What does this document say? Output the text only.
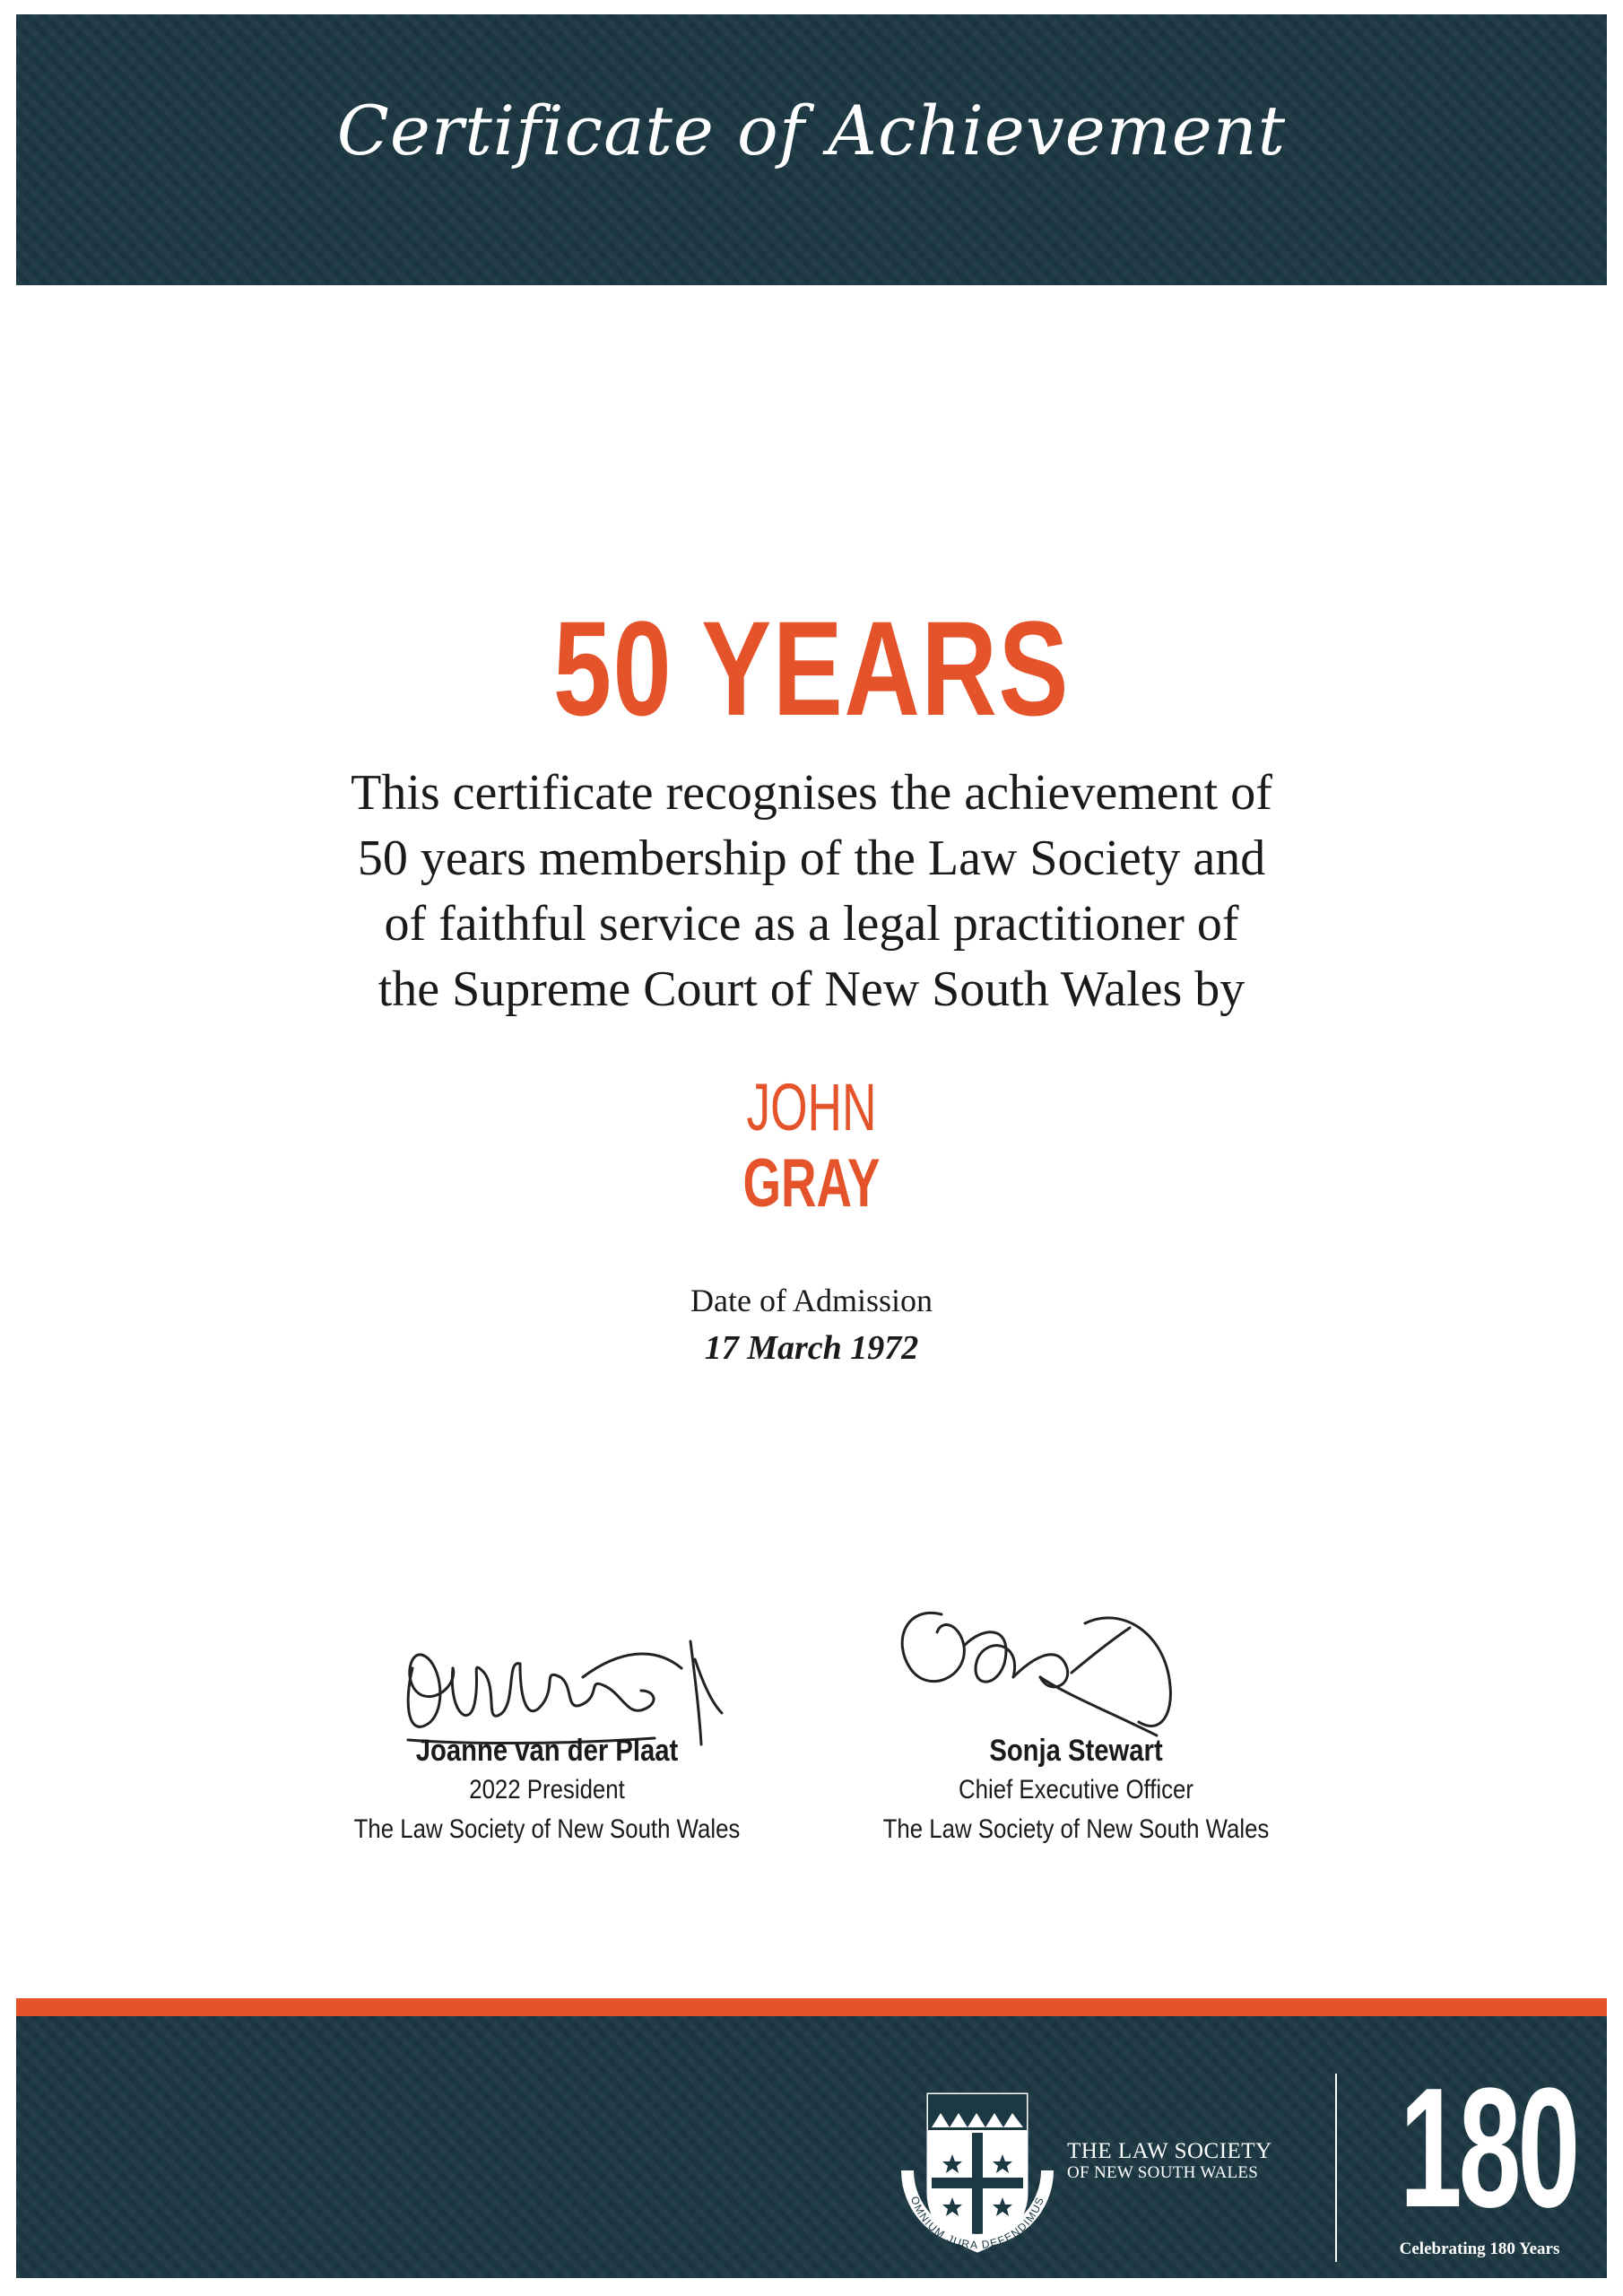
Certificate of Achievement
50 YEARS
This certificate recognises the achievement of
50 years membership of the Law Society and
of faithful service as a legal practitioner of
the Supreme Court of New South Wales by
JOHN
GRAY
Date of Admission
17 March 1972
Joanne van der Plaat
2022 President
The Law Society of New South Wales
Sonja Stewart
Chief Executive Officer
The Law Society of New South Wales
OMNIUM JURA DEFENDIMUS
THE LAW SOCIETY
OF NEW SOUTH WALES 180
Celebrating 180 Years
